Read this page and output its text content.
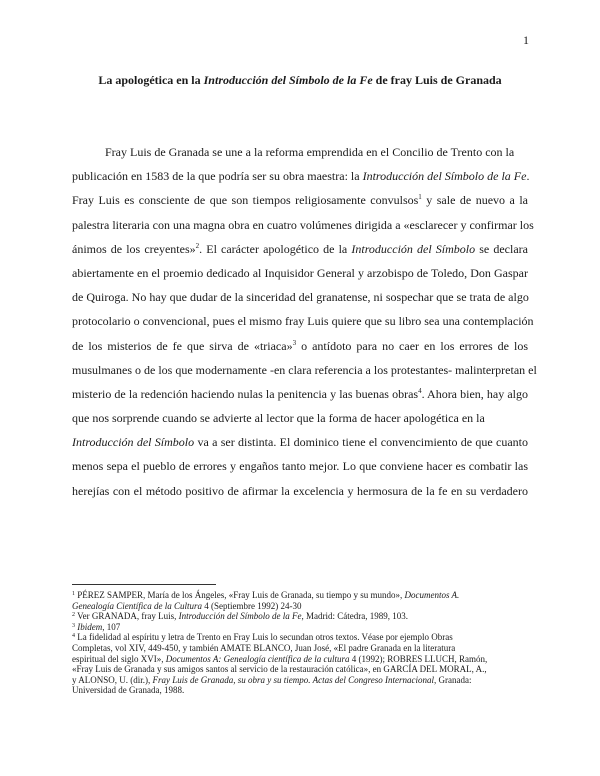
1
La apologética en la Introducción del Símbolo de la Fe de fray Luis de Granada
Fray Luis de Granada se une a la reforma emprendida en el Concilio de Trento con la
publicación en 1583 de la que podría ser su obra maestra: la Introducción del Símbolo de la Fe.
Fray Luis es consciente de que son tiempos religiosamente convulsos$^1$ y sale de nuevo a la
palestra literaria con una magna obra en cuatro volúmenes dirigida a «esclarecer y confirmar los
ánimos de los creyentes»$^2$. El carácter apologético de la Introducción del Símbolo se declara
abiertamente en el proemio dedicado al Inquisidor General y arzobispo de Toledo, Don Gaspar
de Quiroga. No hay que dudar de la sinceridad del granatense, ni sospechar que se trata de algo
protocolario o convencional, pues el mismo fray Luis quiere que su libro sea una contemplación
de los misterios de fe que sirva de «triaca»$^3$ o antídoto para no caer en los errores de los
musulmanes o de los que modernamente -en clara referencia a los protestantes- malinterpretan el
misterio de la redención haciendo nulas la penitencia y las buenas obras$^4$. Ahora bien, hay algo
que nos sorprende cuando se advierte al lector que la forma de hacer apologética en la
Introducción del Símbolo va a ser distinta. El dominico tiene el convencimiento de que cuanto
menos sepa el pueblo de errores y engaños tanto mejor. Lo que conviene hacer es combatir las
herejías con el método positivo de afirmar la excelencia y hermosura de la fe en su verdadero
$^1$ PÉREZ SAMPER, María de los Ángeles, «Fray Luis de Granada, su tiempo y su mundo», Documentos A.
Genealogía Científica de la Cultura 4 (Septiembre 1992) 24-30
$^2$ Ver GRANADA, fray Luis, Introducción del Símbolo de la Fe, Madrid: Cátedra, 1989, 103.
$^3$ Ibidem, 107
$^4$ La fidelidad al espíritu y letra de Trento en Fray Luis lo secundan otros textos. Véase por ejemplo Obras
Completas, vol XIV, 449-450, y también AMATE BLANCO, Juan José, «El padre Granada en la literatura
espiritual del siglo XVI», Documentos A: Genealogía científica de la cultura 4 (1992); ROBRES LLUCH, Ramón,
«Fray Luis de Granada y sus amigos santos al servicio de la restauración católica», en GARCÍA DEL MORAL, A.,
y ALONSO, U. (dir.), Fray Luis de Granada, su obra y su tiempo. Actas del Congreso Internacional, Granada:
Universidad de Granada, 1988.
